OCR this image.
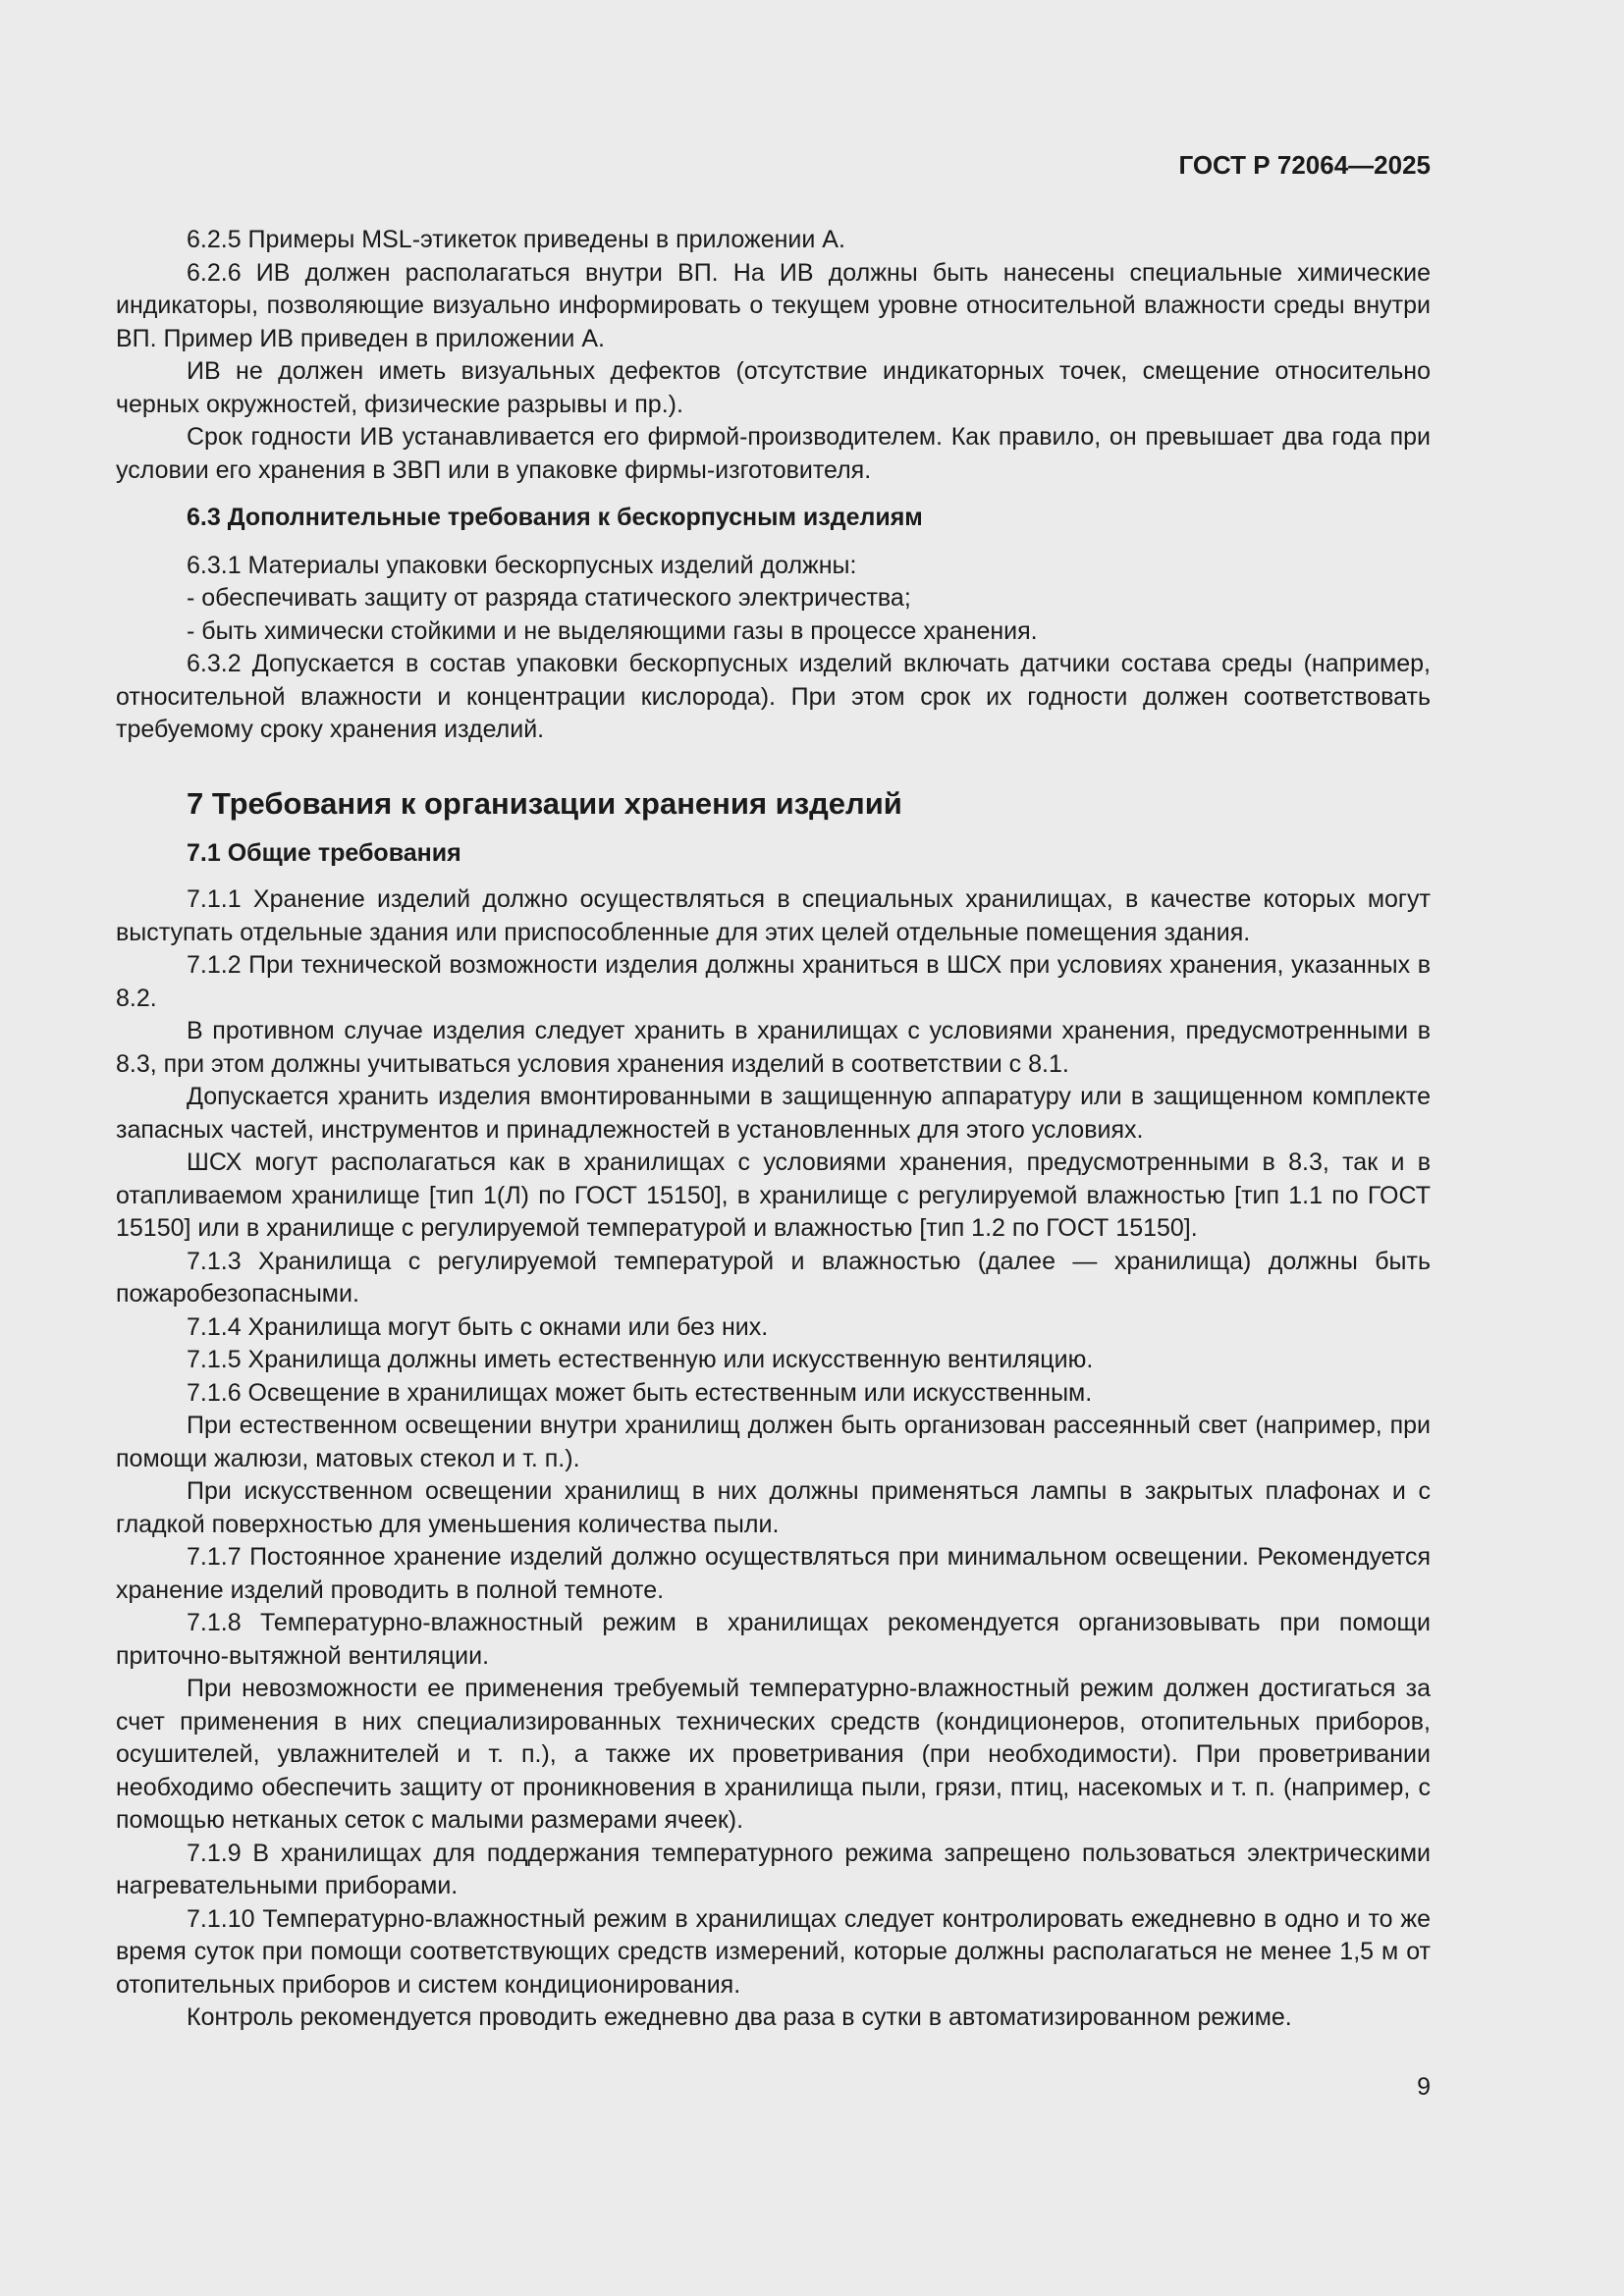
ГОСТ Р 72064—2025

6.2.5 Примеры MSL-этикеток приведены в приложении А.

6.2.6 ИВ должен располагаться внутри ВП. На ИВ должны быть нанесены специальные химические индикаторы, позволяющие визуально информировать о текущем уровне относительной влажности среды внутри ВП. Пример ИВ приведен в приложении А.

ИВ не должен иметь визуальных дефектов (отсутствие индикаторных точек, смещение относительно черных окружностей, физические разрывы и пр.).

Срок годности ИВ устанавливается его фирмой-производителем. Как правило, он превышает два года при условии его хранения в ЗВП или в упаковке фирмы-изготовителя.

6.3 Дополнительные требования к бескорпусным изделиям

6.3.1 Материалы упаковки бескорпусных изделий должны:

- обеспечивать защиту от разряда статического электричества;

- быть химически стойкими и не выделяющими газы в процессе хранения.

6.3.2 Допускается в состав упаковки бескорпусных изделий включать датчики состава среды (например, относительной влажности и концентрации кислорода). При этом срок их годности должен соответствовать требуемому сроку хранения изделий.

7 Требования к организации хранения изделий
7.1 Общие требования

7.1.1 Хранение изделий должно осуществляться в специальных хранилищах, в качестве которых могут выступать отдельные здания или приспособленные для этих целей отдельные помещения здания.

7.1.2 При технической возможности изделия должны храниться в ШСХ при условиях хранения, указанных в 8.2.

В противном случае изделия следует хранить в хранилищах с условиями хранения, предусмотренными в 8.3, при этом должны учитываться условия хранения изделий в соответствии с 8.1.

Допускается хранить изделия вмонтированными в защищенную аппаратуру или в защищенном комплекте запасных частей, инструментов и принадлежностей в установленных для этого условиях.

ШСХ могут располагаться как в хранилищах с условиями хранения, предусмотренными в 8.3, так и в отапливаемом хранилище [тип 1(Л) по ГОСТ 15150], в хранилище с регулируемой влажностью [тип 1.1 по ГОСТ 15150] или в хранилище с регулируемой температурой и влажностью [тип 1.2 по ГОСТ 15150].

7.1.3 Хранилища с регулируемой температурой и влажностью (далее — хранилища) должны быть пожаробезопасными.

7.1.4 Хранилища могут быть с окнами или без них.

7.1.5 Хранилища должны иметь естественную или искусственную вентиляцию.

7.1.6 Освещение в хранилищах может быть естественным или искусственным.

При естественном освещении внутри хранилищ должен быть организован рассеянный свет (например, при помощи жалюзи, матовых стекол и т. п.).

При искусственном освещении хранилищ в них должны применяться лампы в закрытых плафонах и с гладкой поверхностью для уменьшения количества пыли.

7.1.7 Постоянное хранение изделий должно осуществляться при минимальном освещении. Рекомендуется хранение изделий проводить в полной темноте.

7.1.8 Температурно-влажностный режим в хранилищах рекомендуется организовывать при помощи приточно-вытяжной вентиляции.

При невозможности ее применения требуемый температурно-влажностный режим должен достигаться за счет применения в них специализированных технических средств (кондиционеров, отопительных приборов, осушителей, увлажнителей и т. п.), а также их проветривания (при необходимости). При проветривании необходимо обеспечить защиту от проникновения в хранилища пыли, грязи, птиц, насекомых и т. п. (например, с помощью нетканых сеток с малыми размерами ячеек).

7.1.9 В хранилищах для поддержания температурного режима запрещено пользоваться электрическими нагревательными приборами.

7.1.10 Температурно-влажностный режим в хранилищах следует контролировать ежедневно в одно и то же время суток при помощи соответствующих средств измерений, которые должны располагаться не менее 1,5 м от отопительных приборов и систем кондиционирования.

Контроль рекомендуется проводить ежедневно два раза в сутки в автоматизированном режиме.

9
